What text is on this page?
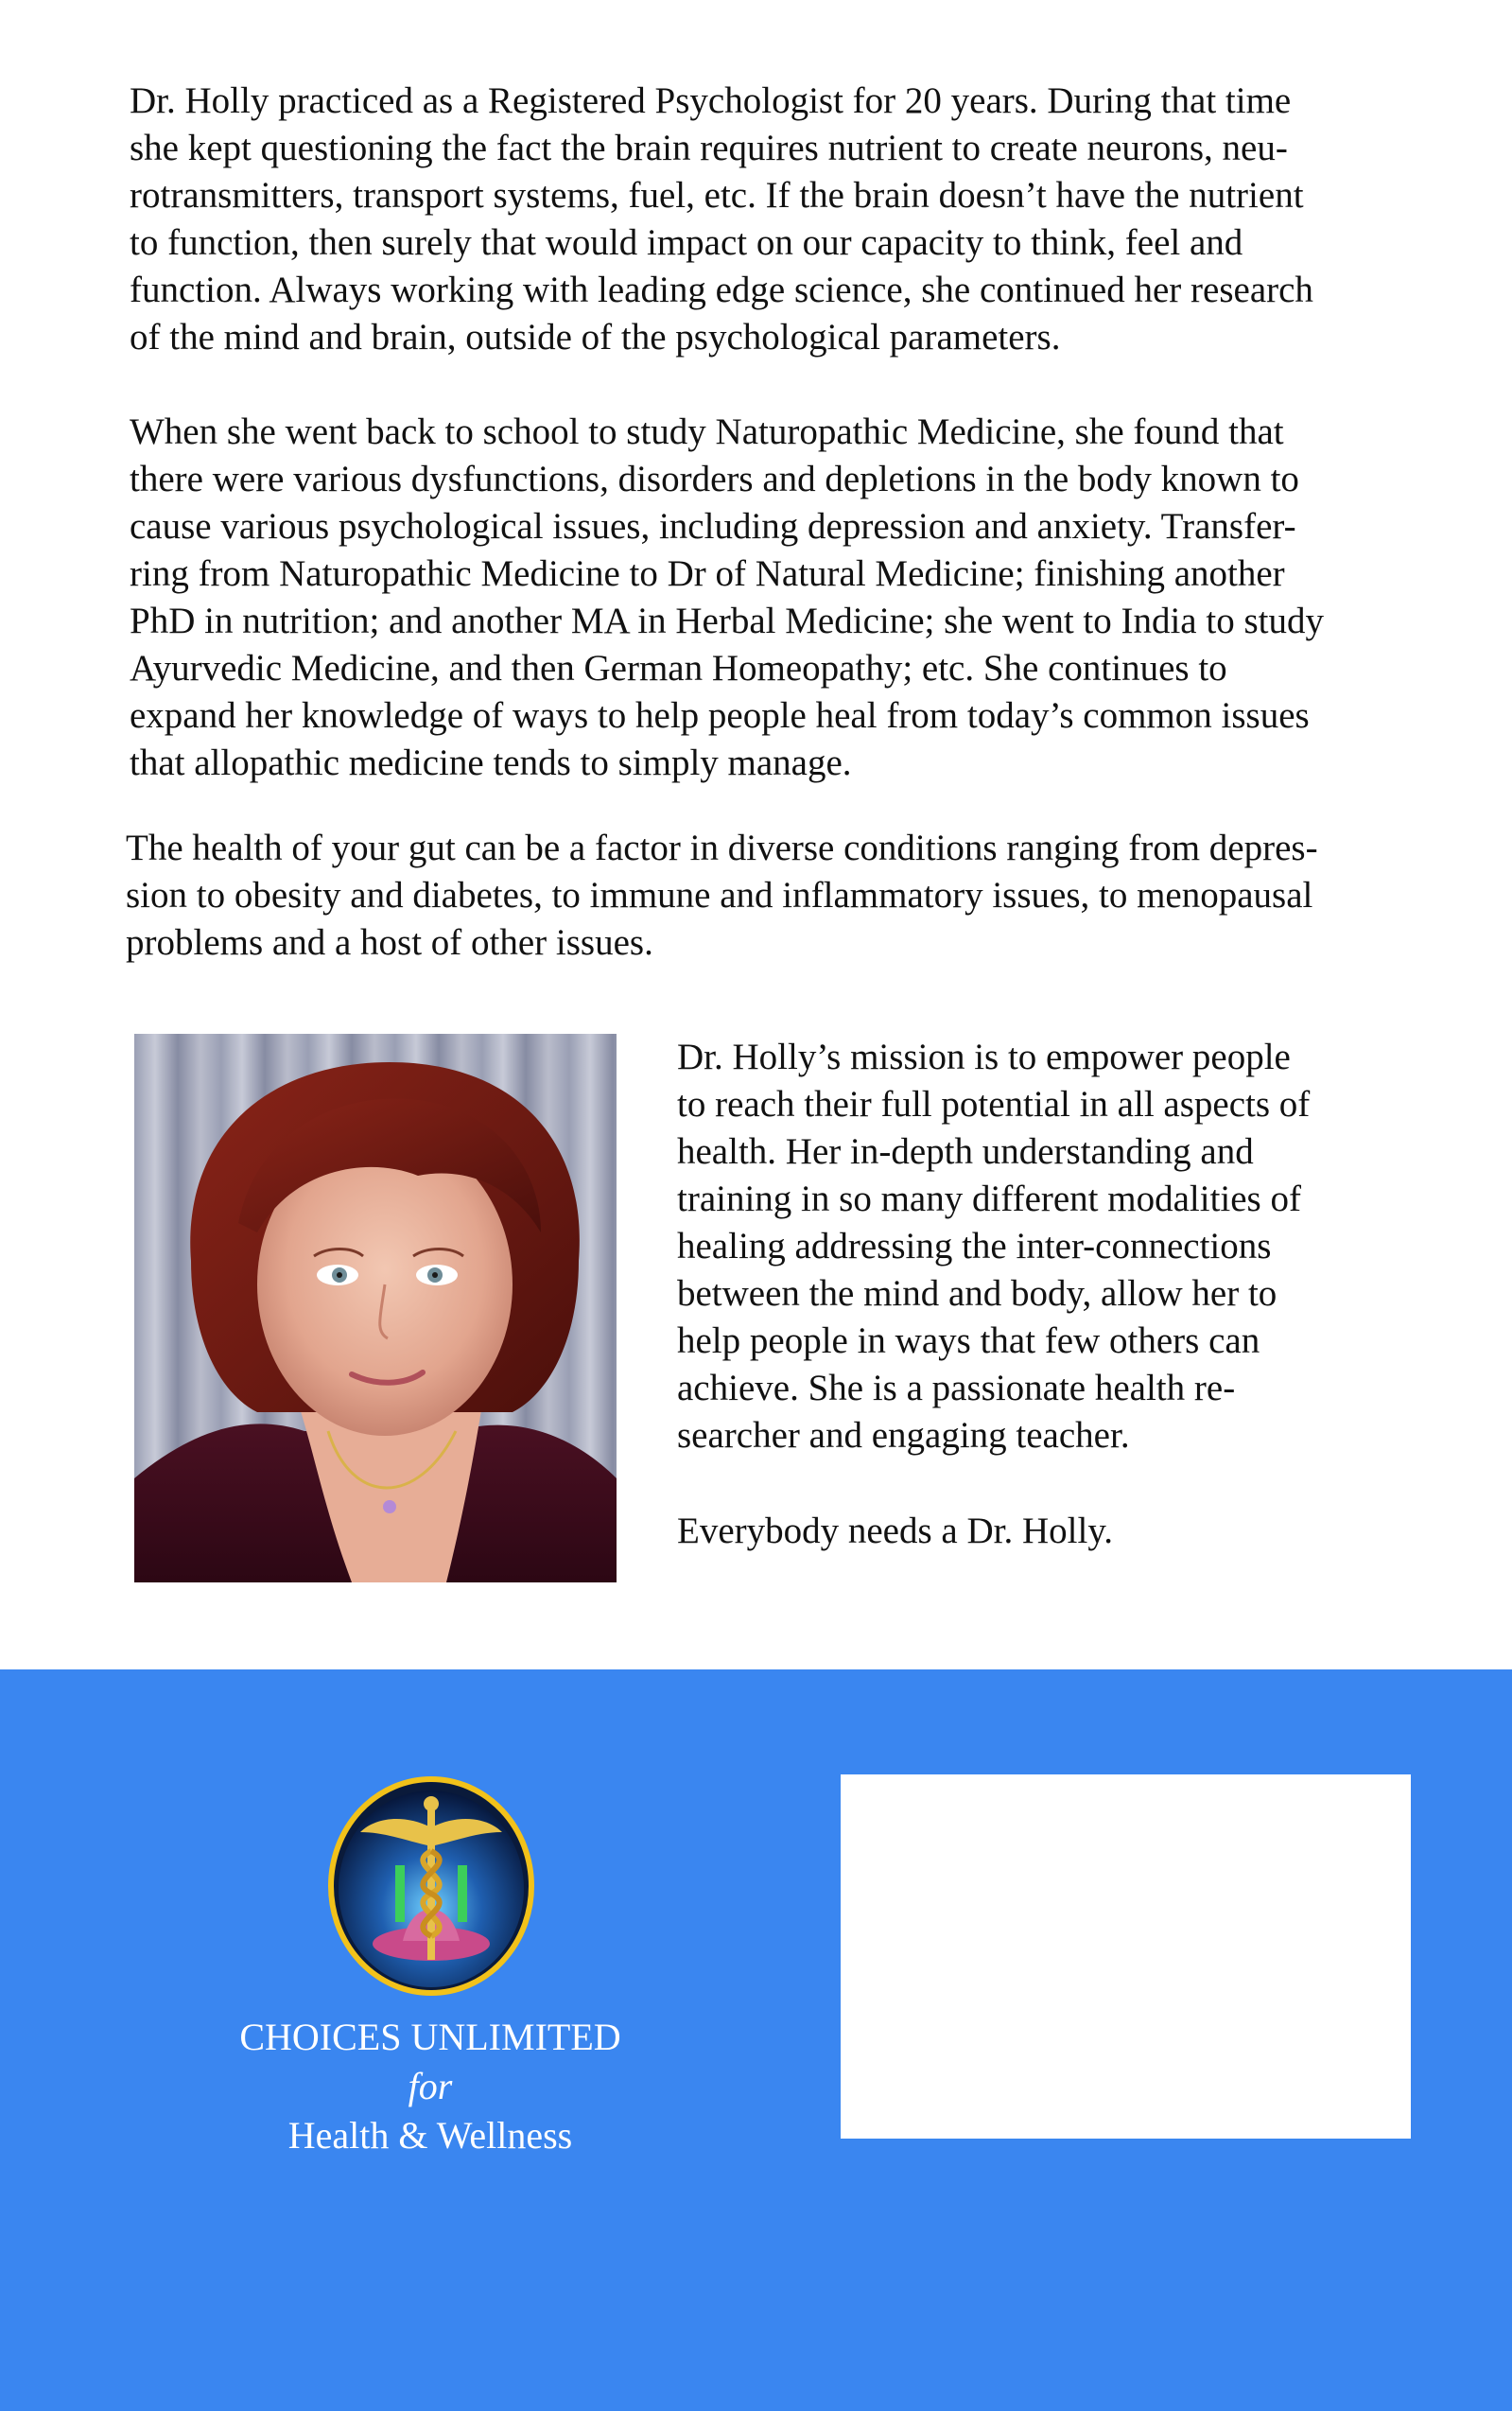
Dr. Holly practiced as a Registered Psychologist for 20 years. During that time
she kept questioning the fact the brain requires nutrient to create neurons, neu-
rotransmitters, transport systems, fuel, etc. If the brain doesn’t have the nutrient
to function, then surely that would impact on our capacity to think, feel and
function. Always working with leading edge science, she continued her research
of the mind and brain, outside of the psychological parameters.

When she went back to school to study Naturopathic Medicine, she found that
there were various dysfunctions, disorders and depletions in the body known to
cause various psychological issues, including depression and anxiety. Transfer-
ring from Naturopathic Medicine to Dr of Natural Medicine; finishing another
PhD in nutrition; and another MA in Herbal Medicine; she went to India to study
Ayurvedic Medicine, and then German Homeopathy; etc. She continues to
expand her knowledge of ways to help people heal from today’s common issues
that allopathic medicine tends to simply manage.

The health of your gut can be a factor in diverse conditions ranging from depres-
sion to obesity and diabetes, to immune and inflammatory issues, to menopausal
problems and a host of other issues.

Dr. Holly’s mission is to empower people
to reach their full potential in all aspects of
health. Her in-depth understanding and
training in so many different modalities of
healing addressing the inter-connections
between the mind and body, allow her to
help people in ways that few others can
achieve. She is a passionate health re-
searcher and engaging teacher.

Everybody needs a Dr. Holly.

CHOICES UNLIMITED
for
Health & Wellness
